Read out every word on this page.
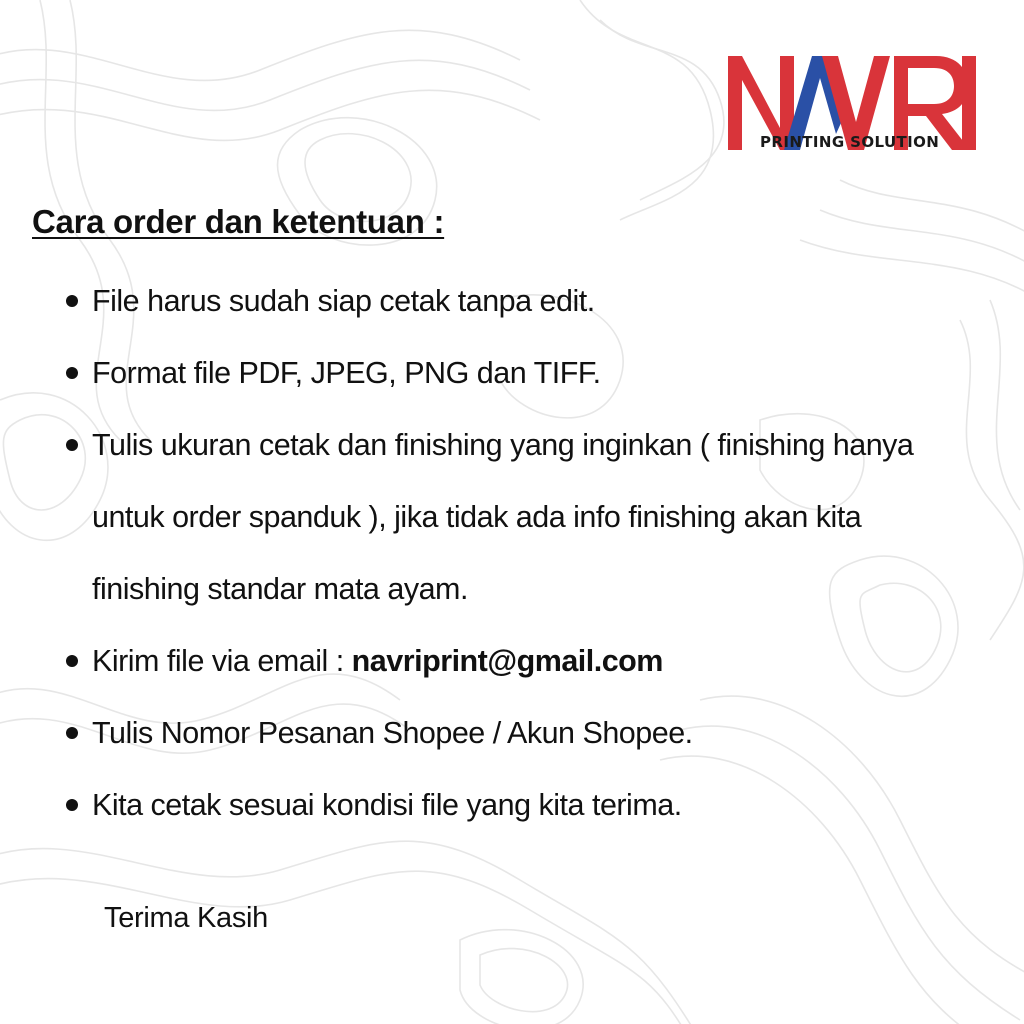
PRINTING SOLUTION
Cara order dan ketentuan :
File harus sudah siap cetak tanpa edit.
Format file PDF, JPEG, PNG dan TIFF.
Tulis ukuran cetak dan finishing yang inginkan ( finishing hanya untuk order spanduk ), jika tidak ada info finishing akan kita finishing standar mata ayam.
Kirim file via email : navriprint@gmail.com
Tulis Nomor Pesanan Shopee / Akun Shopee.
Kita cetak sesuai kondisi file yang kita terima.

Terima Kasih
